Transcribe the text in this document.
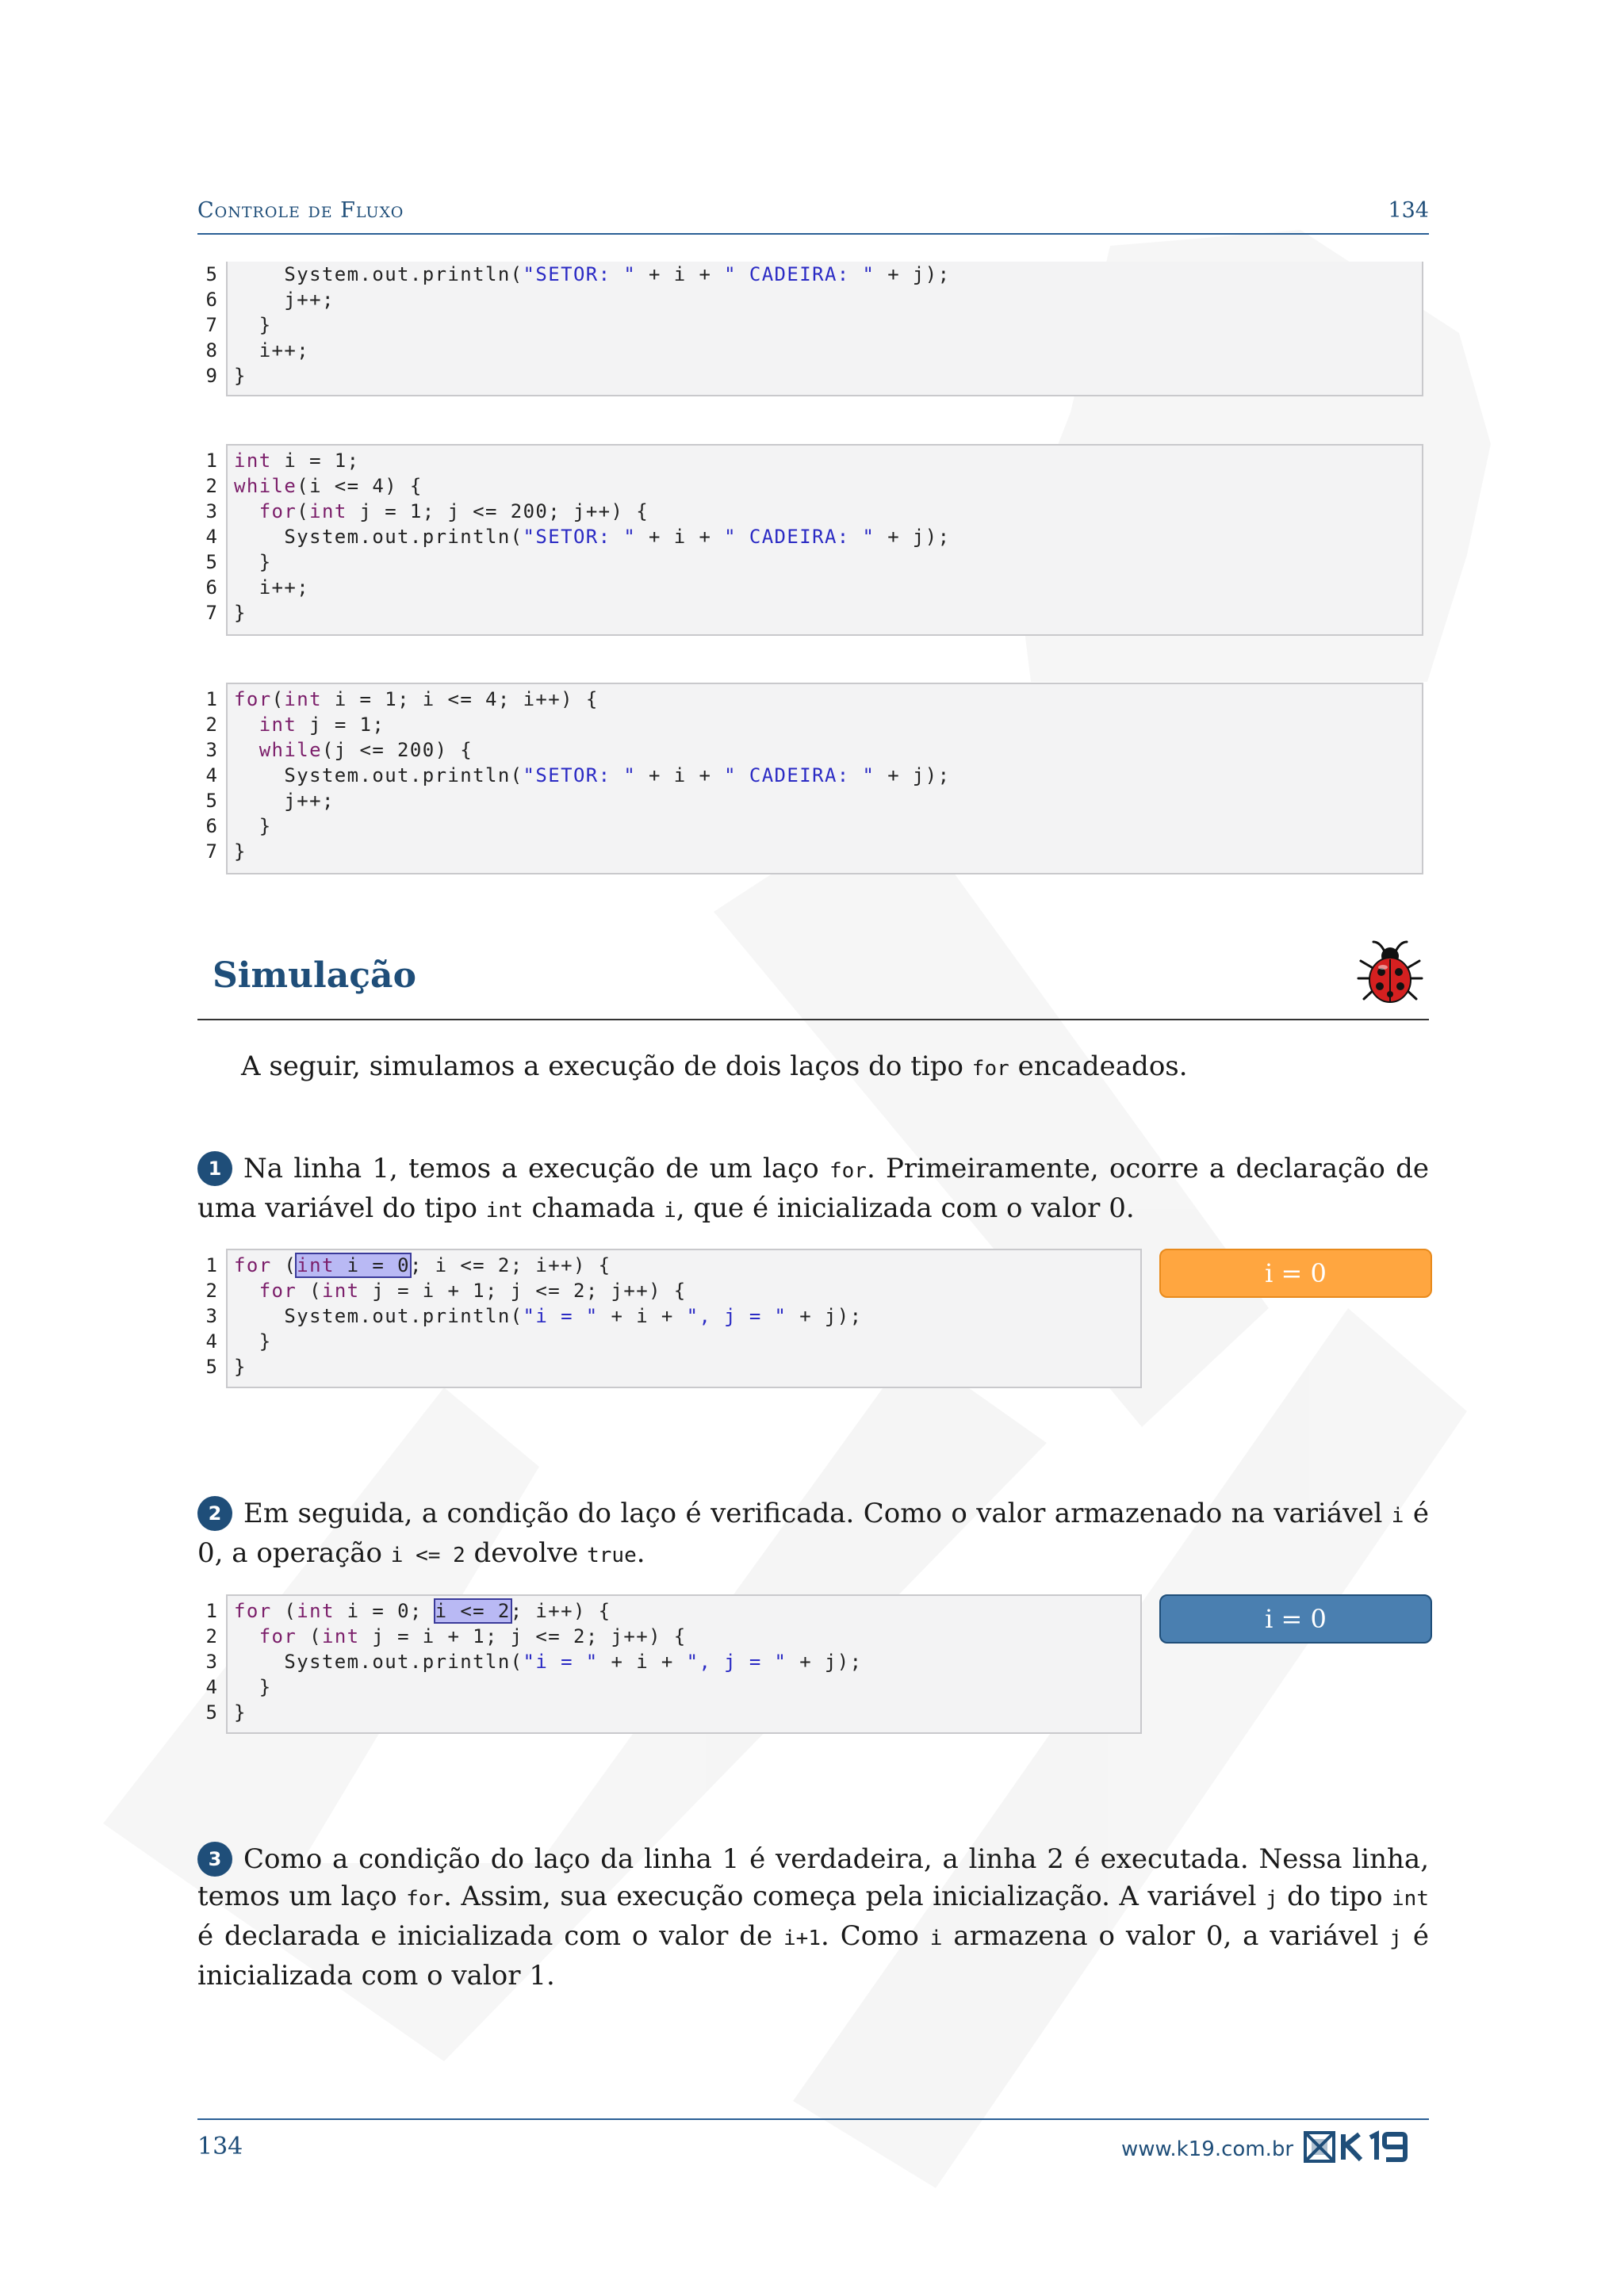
Controle de Fluxo	134
5
6
7
8
9
System.out.println("SETOR: " + i + " CADEIRA: " + j);
j++;
}
i++;
}
1
2
3
4
5
6
7
int i = 1;
while(i <= 4) {
for(int j = 1; j <= 200; j++) {
System.out.println("SETOR: " + i + " CADEIRA: " + j);
}
i++;
}
1
2
3
4
5
6
7
for(int i = 1; i <= 4; i++) {
int j = 1;
while(j <= 200) {
System.out.println("SETOR: " + i + " CADEIRA: " + j);
j++;
}
}
Simulação
A seguir, simulamos a execução de dois laços do tipo for encadeados.
1 Na linha 1, temos a execução de um laço for. Primeiramente, ocorre a declaração de uma variável do tipo int chamada i, que é inicializada com o valor 0.
1
2
3
4
5
for (int i = 0; i <= 2; i++) {
for (int j = i + 1; j <= 2; j++) {
System.out.println("i = " + i + ", j = " + j);
}
}
i = 0
2 Em seguida, a condição do laço é verificada. Como o valor armazenado na variável i é 0, a operação i <= 2 devolve true.
1
2
3
4
5
for (int i = 0; i <= 2; i++) {
for (int j = i + 1; j <= 2; j++) {
System.out.println("i = " + i + ", j = " + j);
}
}
i = 0
3 Como a condição do laço da linha 1 é verdadeira, a linha 2 é executada. Nessa linha, temos um laço for. Assim, sua execução começa pela inicialização. A variável j do tipo int é declarada e inicializada com o valor de i+1. Como i armazena o valor 0, a variável j é inicializada com o valor 1.
134	www.k19.com.br
